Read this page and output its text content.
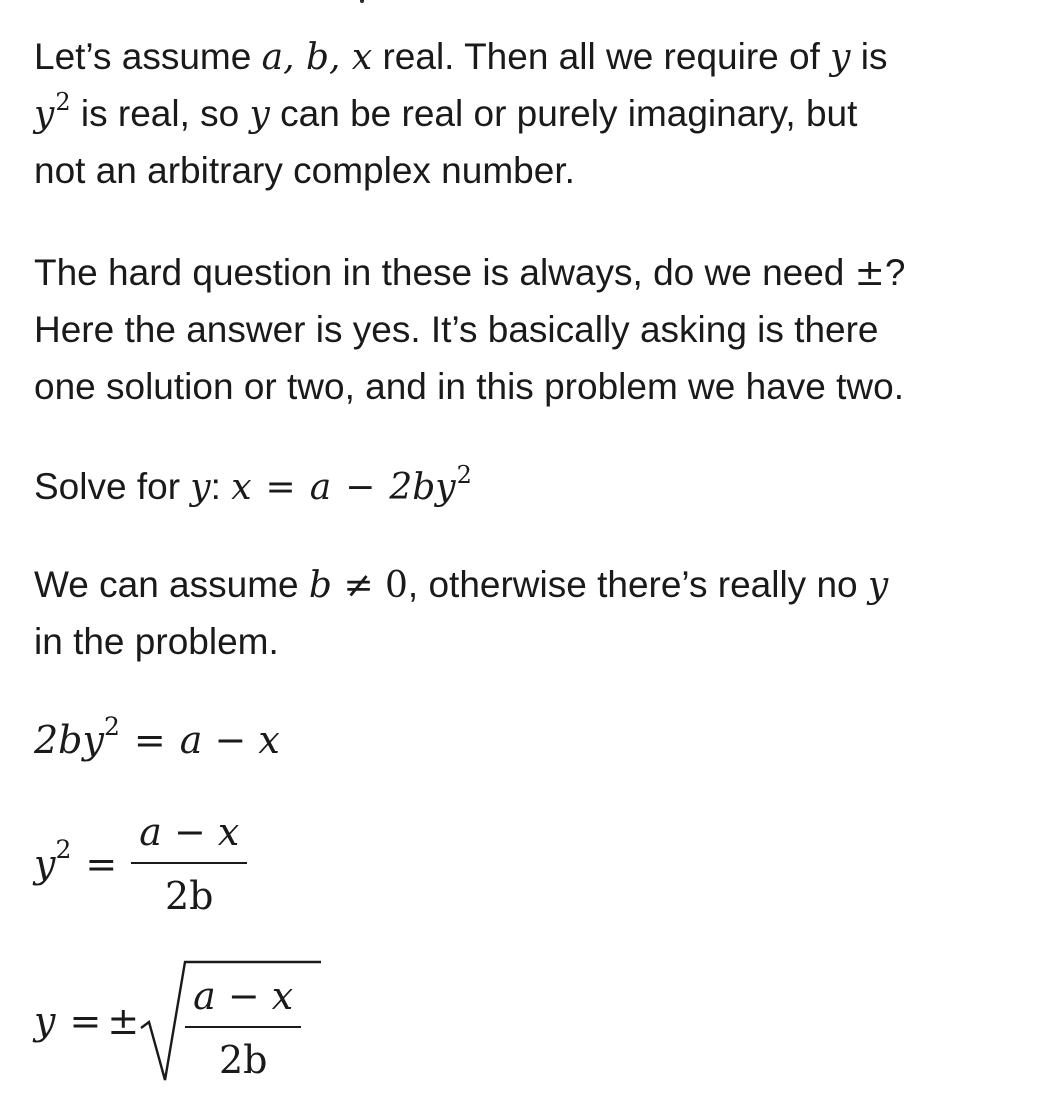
Let’s assume a, b, x real. Then all we require of y is
$y^2$ is real, so y can be real or purely imaginary, but
not an arbitrary complex number.
The hard question in these is always, do we need ±?
Here the answer is yes. It’s basically asking is there
one solution or two, and in this problem we have two.
Solve for y: $x = a - 2by^2$
We can assume b ≠ 0, otherwise there’s really no y
in the problem.
$2by^2 = a - x$
$y^2 = \frac{a - x}{2b}$
y = ± $\frac{a - x}{2b}$
